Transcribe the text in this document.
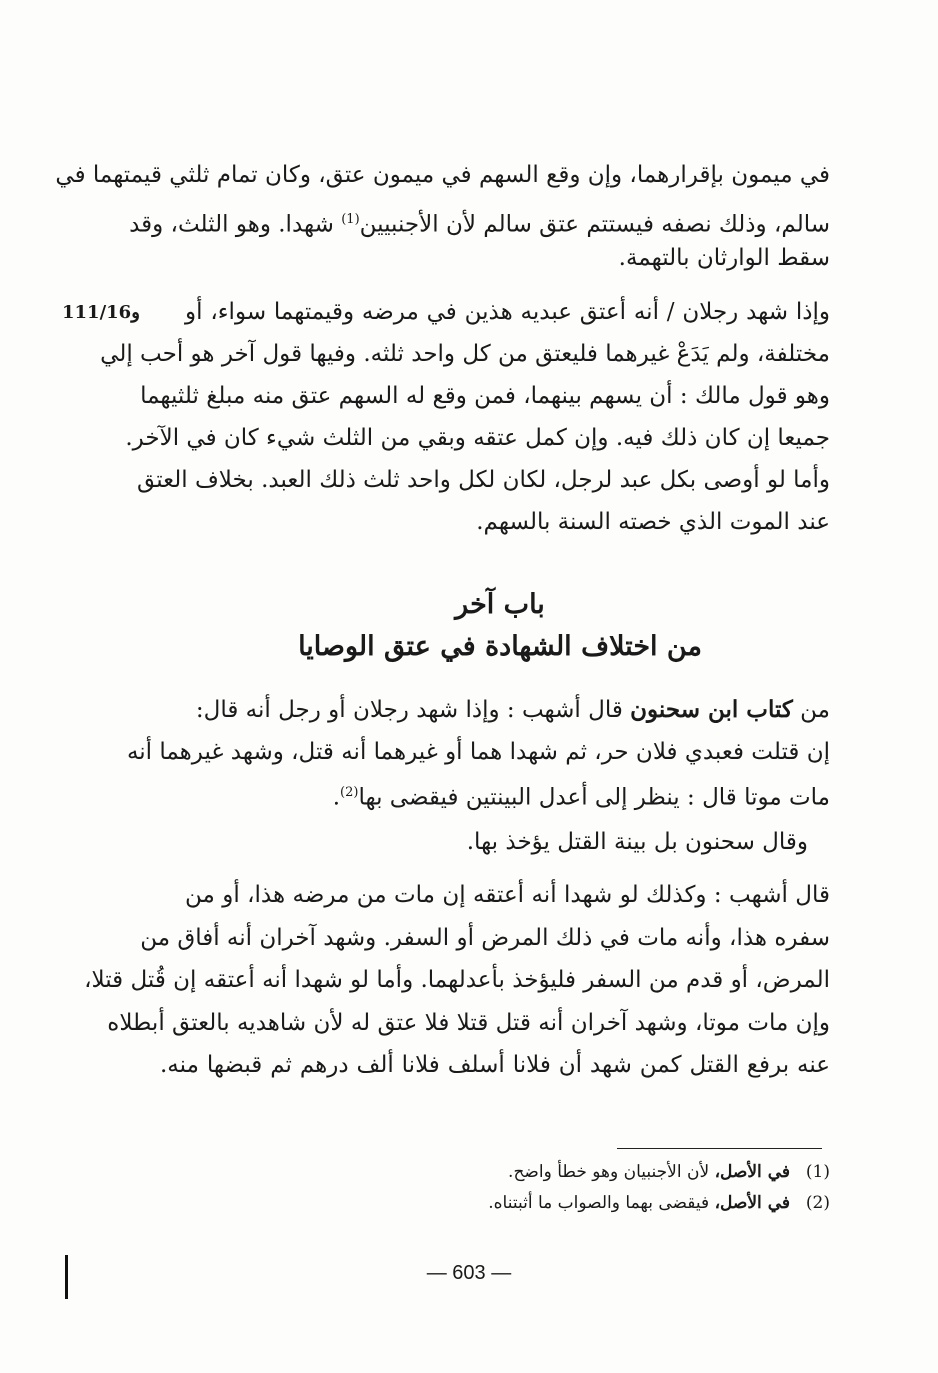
في ميمون بإقرارهما، وإن وقع السهم في ميمون عتق، وكان تمام ثلثي قيمتهما في
سالم، وذلك نصفه فيستتم عتق سالم لأن الأجنبيين$^{(1)}$ شهدا. وهو الثلث، وقد
سقط الوارثان بالتهمة.
111/16و وإذا شهد رجلان / أنه أعتق عبديه هذين في مرضه وقيمتهما سواء، أو
مختلفة، ولم يَدَعْ غيرهما فليعتق من كل واحد ثلثه. وفيها قول آخر هو أحب إلي
وهو قول مالك : أن يسهم بينهما، فمن وقع له السهم عتق منه مبلغ ثلثيهما
جميعا إن كان ذلك فيه. وإن كمل عتقه وبقي من الثلث شيء كان في الآخر.
وأما لو أوصى بكل عبد لرجل، لكان لكل واحد ثلث ذلك العبد. بخلاف العتق
عند الموت الذي خصته السنة بالسهم.
باب آخر
من اختلاف الشهادة في عتق الوصايا
من كتاب ابن سحنون قال أشهب : وإذا شهد رجلان أو رجل أنه قال:
إن قتلت فعبدي فلان حر، ثم شهدا هما أو غيرهما أنه قتل، وشهد غيرهما أنه
مات موتا قال : ينظر إلى أعدل البينتين فيقضى بها$^{(2)}$.
وقال سحنون بل بينة القتل يؤخذ بها.
قال أشهب : وكذلك لو شهدا أنه أعتقه إن مات من مرضه هذا، أو من
سفره هذا، وأنه مات في ذلك المرض أو السفر. وشهد آخران أنه أفاق من
المرض، أو قدم من السفر فليؤخذ بأعدلهما. وأما لو شهدا أنه أعتقه إن قُتل قتلا،
وإن مات موتا، وشهد آخران أنه قتل قتلا فلا عتق له لأن شاهديه بالعتق أبطلاه
عنه برفع القتل كمن شهد أن فلانا أسلف فلانا ألف درهم ثم قبضها منه.
(1)في الأصل، لأن الأجنبيان وهو خطأ واضح.
(2)في الأصل، فيقضى بهما والصواب ما أثبتناه.
— 603 —
